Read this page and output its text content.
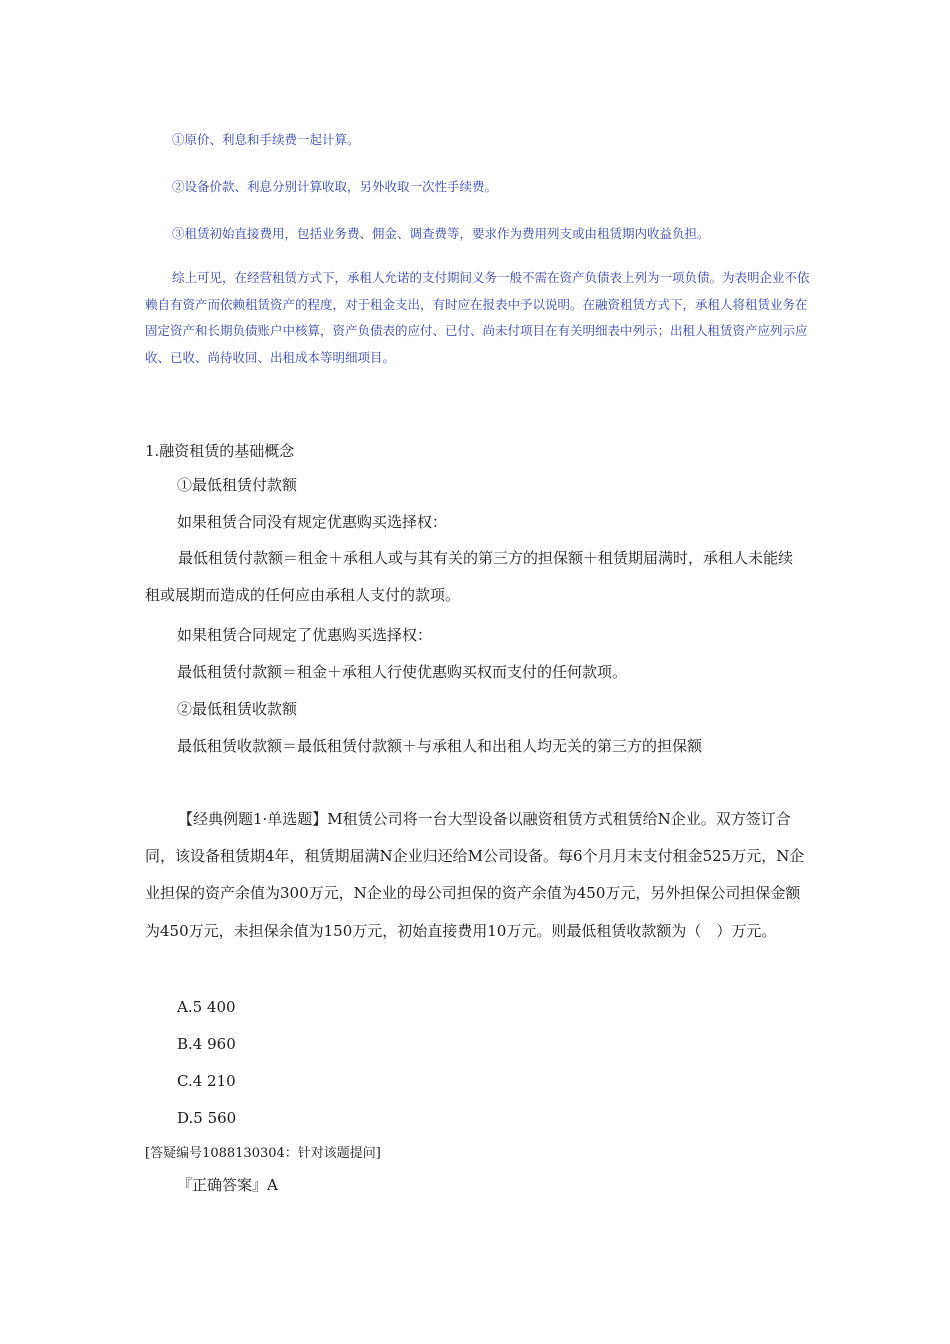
①原价、利息和手续费一起计算。
②设备价款、利息分别计算收取，另外收取一次性手续费。
③租赁初始直接费用，包括业务费、佣金、调查费等，要求作为费用列支或由租赁期内收益负担。
综上可见，在经营租赁方式下，承租人允诺的支付期间义务一般不需在资产负债表上列为一项负债。为表明企业不依赖自有资产而依赖租赁资产的程度，对于租金支出，有时应在报表中予以说明。在融资租赁方式下，承租人将租赁业务在固定资产和长期负债账户中核算，资产负债表的应付、已付、尚未付项目在有关明细表中列示；出租人租赁资产应列示应收、已收、尚待收回、出租成本等明细项目。
1.融资租赁的基础概念
①最低租赁付款额
如果租赁合同没有规定优惠购买选择权：
最低租赁付款额＝租金＋承租人或与其有关的第三方的担保额＋租赁期届满时，承租人未能续租或展期而造成的任何应由承租人支付的款项。
如果租赁合同规定了优惠购买选择权：
最低租赁付款额＝租金＋承租人行使优惠购买权而支付的任何款项。
②最低租赁收款额
最低租赁收款额＝最低租赁付款额＋与承租人和出租人均无关的第三方的担保额
【经典例题1·单选题】M租赁公司将一台大型设备以融资租赁方式租赁给N企业。双方签订合同，该设备租赁期4年，租赁期届满N企业归还给M公司设备。每6个月月末支付租金525万元，N企业担保的资产余值为300万元，N企业的母公司担保的资产余值为450万元，另外担保公司担保金额为450万元，未担保余值为150万元，初始直接费用10万元。则最低租赁收款额为（　）万元。
A.5 400
B.4 960
C.4 210
D.5 560
[答疑编号1088130304：针对该题提问]
『正确答案』A
